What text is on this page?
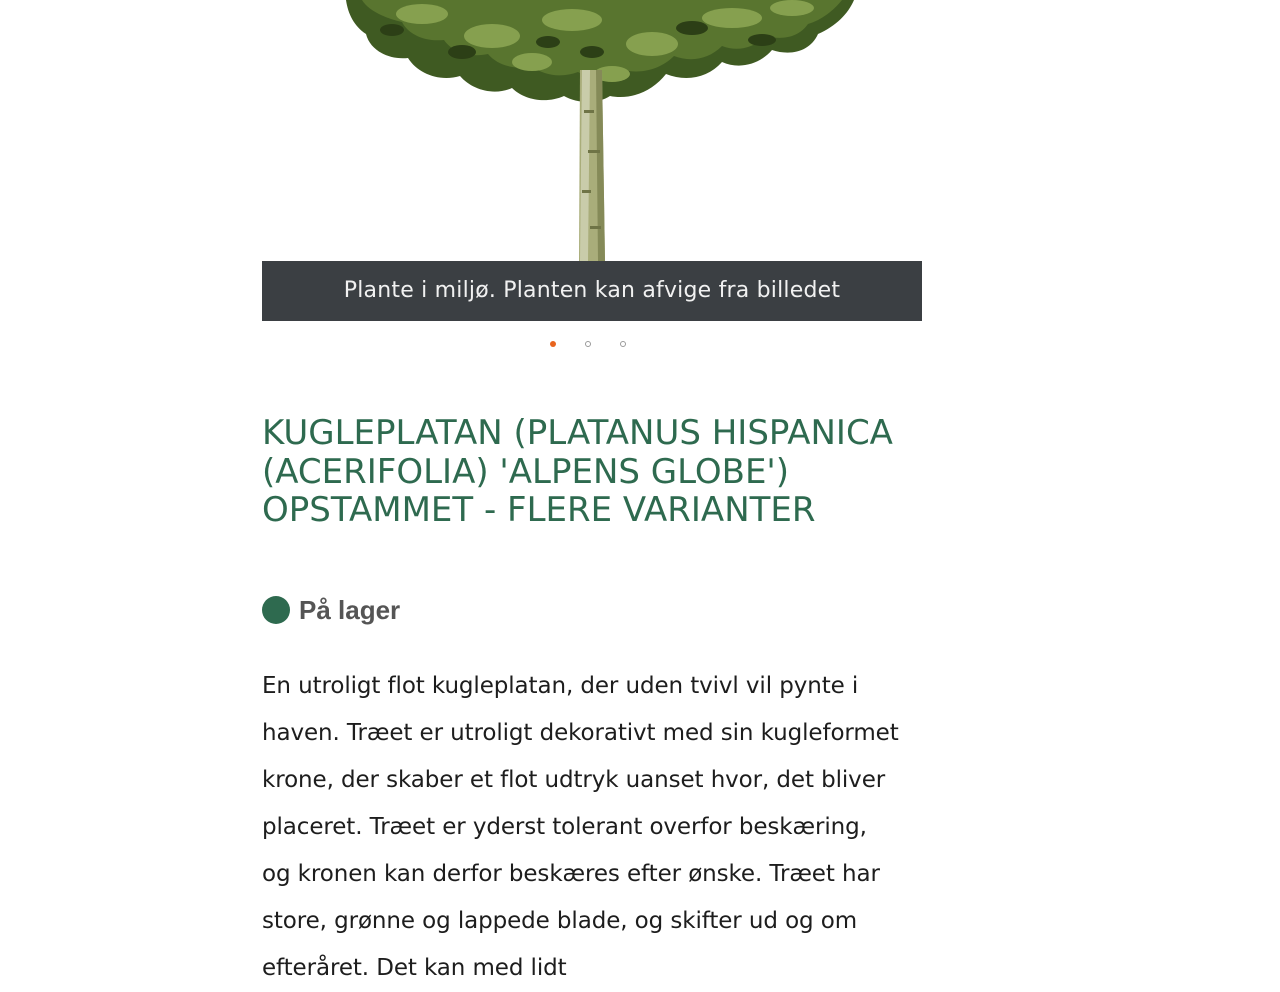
Plante i miljø. Planten kan afvige fra billedet
KUGLEPLATAN (PLATANUS HISPANICA (ACERIFOLIA) 'ALPENS GLOBE') OPSTAMMET - FLERE VARIANTER
På lager

En utroligt flot kugleplatan, der uden tvivl vil pynte i haven. Træet er utroligt dekorativt med sin kugleformet krone, der skaber et flot udtryk uanset hvor, det bliver placeret. Træet er yderst tolerant overfor beskæring, og kronen kan derfor beskæres efter ønske. Træet har store, grønne og lappede blade, og skifter ud og om efteråret. Det kan med lidt
